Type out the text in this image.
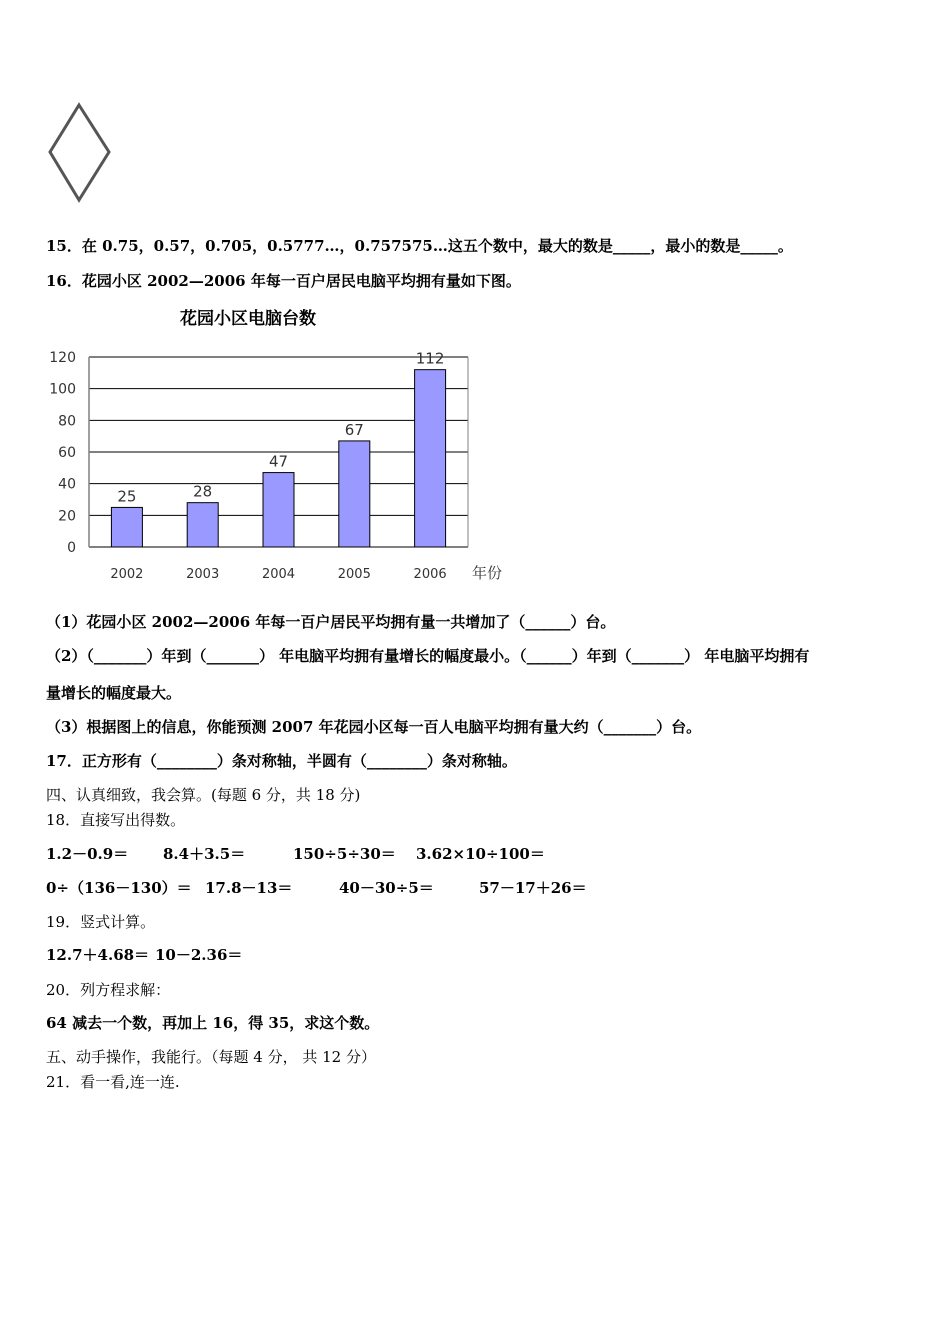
15．在 0.75，0.57，0.705，0.5777…，0.757575…这五个数中，最大的数是_____，最小的数是_____。
16．花园小区 2002—2006 年每一百户居民电脑平均拥有量如下图。
花园小区电脑台数
0
20
40
60
80
100
120
2002	2003	2004	2005	2006
25	28
47
67
112
年份
（1）花园小区 2002—2006 年每一百户居民平均拥有量一共增加了（______）台。
（2）（_______）年到（_______） 年电脑平均拥有量增长的幅度最小。（______）年到（_______） 年电脑平均拥有
量增长的幅度最大。
（3）根据图上的信息，你能预测 2007 年花园小区每一百人电脑平均拥有量大约（_______）台。
17．正方形有（________）条对称轴，半圆有（________）条对称轴。
四、认真细致，我会算。(每题 6 分，共 18 分)
18．直接写出得数。
1.2－0.9＝ 8.4＋3.5＝	150÷5÷30＝ 3.62×10÷100＝
0÷（136－130）＝ 17.8－13＝	40－30÷5＝	57－17＋26＝
19．竖式计算。
12.7＋4.68＝ 10－2.36＝
20．列方程求解：
64 减去一个数，再加上 16，得 35，求这个数。
五、动手操作，我能行。（每题 4 分， 共 12 分）
21．看一看,连一连.
